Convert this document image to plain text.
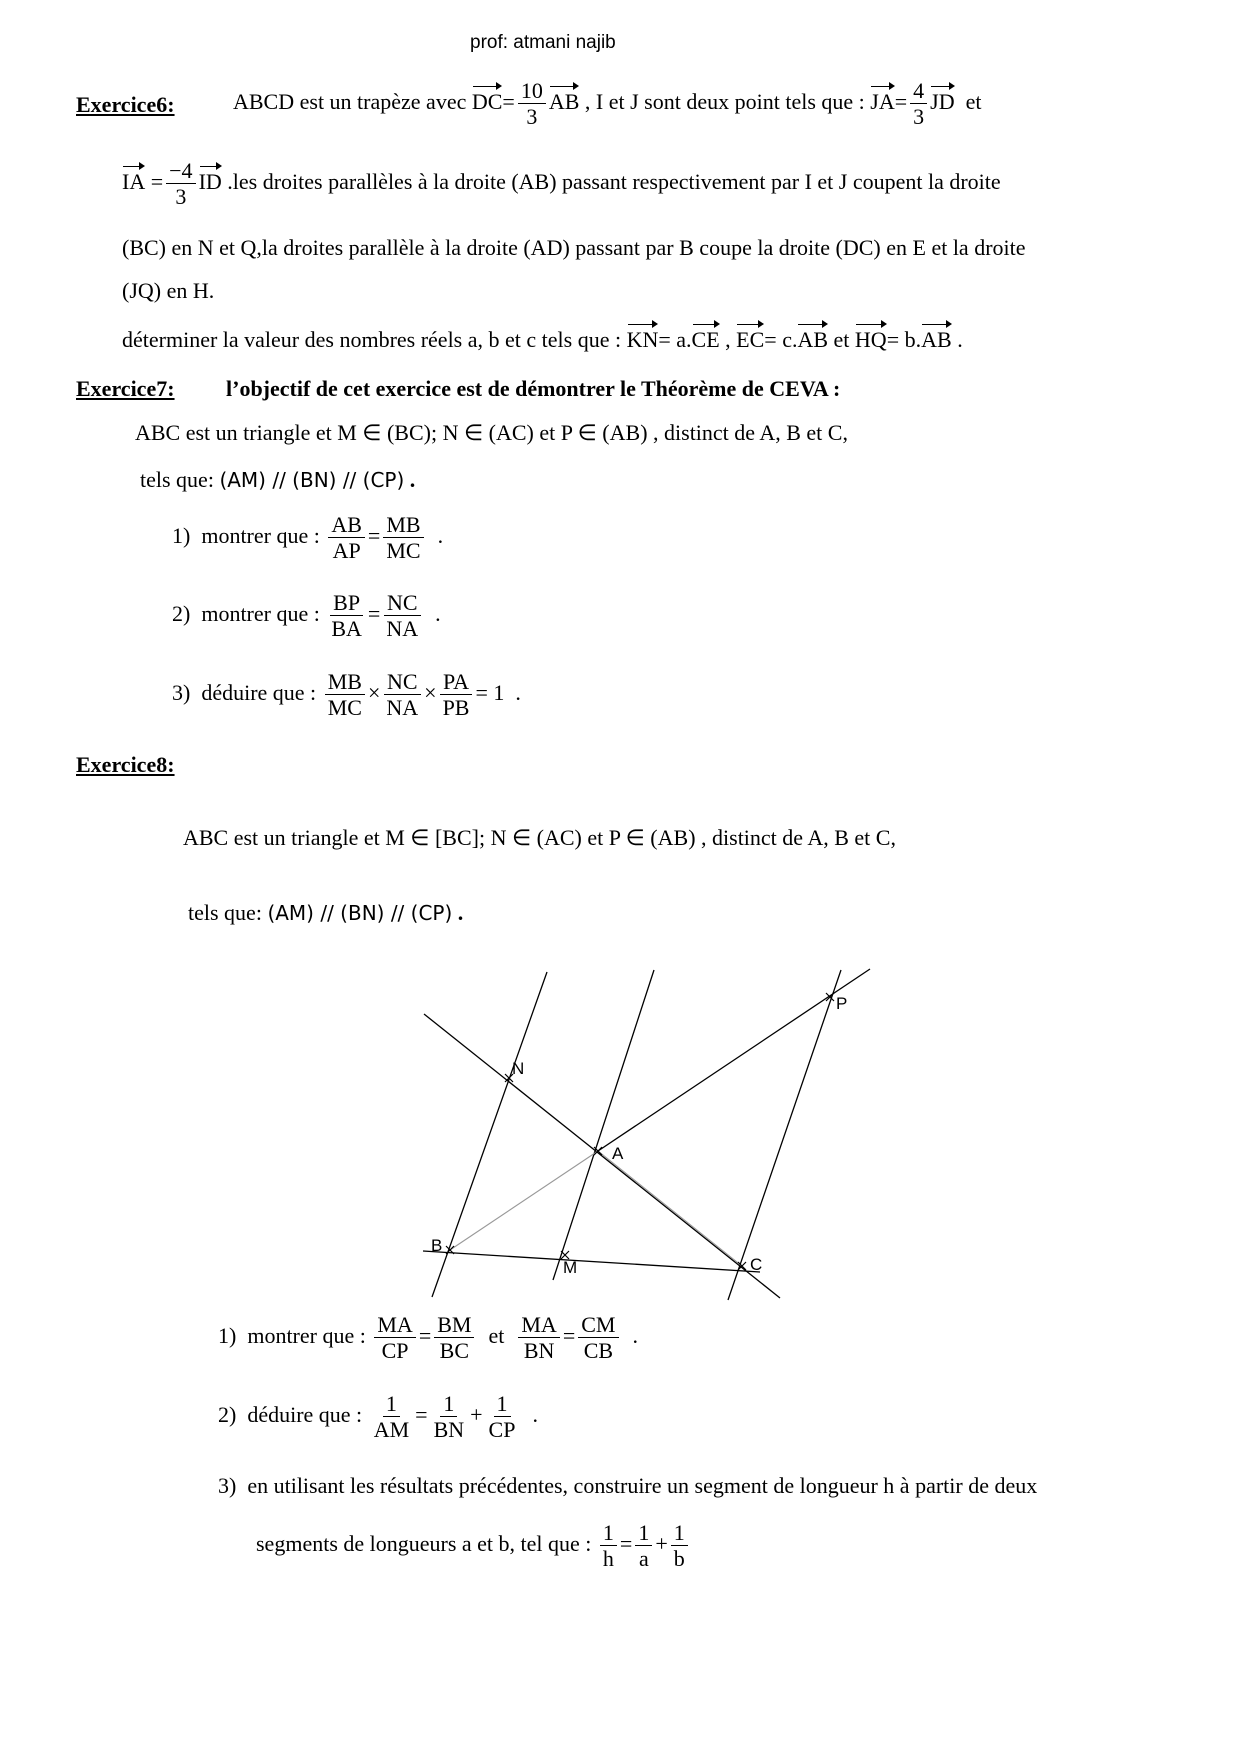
prof: atmani najib
Exercice6:	ABCD est un trapèze avec $DC= \frac{10}{3}$ AB , I et J sont deux point tels que : $JA= \frac{4}{3}$ JD et
IA = $\frac{-4}{3}$ ID .les droites parallèles à la droite (AB) passant respectivement par I et J coupent la droite
(BC) en N et Q,la droites parallèle à la droite (AD) passant par B coupe la droite (DC) en E et la droite
(JQ) en H.
déterminer la valeur des nombres réels a, b et c tels que : KN= a.CE , EC= c.AB et HQ= b.AB .
Exercice7: l’objectif de cet exercice est de démontrer le Théorème de CEVA :
ABC est un triangle et M ∈ (BC); N ∈ (AC) et P ∈ (AB) , distinct de A, B et C,
tels que: (AM) // (BN) // (CP) .
1) montrer que : $\frac{AB}{AP} = \frac{MB}{MC}$ .
2) montrer que : $\frac{BP}{BA} = \frac{NC}{NA}$ .
3) déduire que : $\frac{MB}{MC} \times \frac{NC}{NA} \times \frac{PA}{PB} = 1$ .
Exercice8:
ABC est un triangle et M ∈ [BC]; N ∈ (AC) et P ∈ (AB) , distinct de A, B et C,
tels que: (AM) // (BN) // (CP) .
P
N
A
B
M	C
1) montrer que : $\frac{MA}{CP} = \frac{BM}{BC}$ et $\frac{MA}{BN} = \frac{CM}{CB}$ .
2) déduire que : $\frac{1}{AM} = \frac{1}{BN} + \frac{1}{CP}$ .
3) en utilisant les résultats précédentes, construire un segment de longueur h à partir de deux
segments de longueurs a et b, tel que : $\frac{1}{h} = \frac{1}{a} + \frac{1}{b}$
